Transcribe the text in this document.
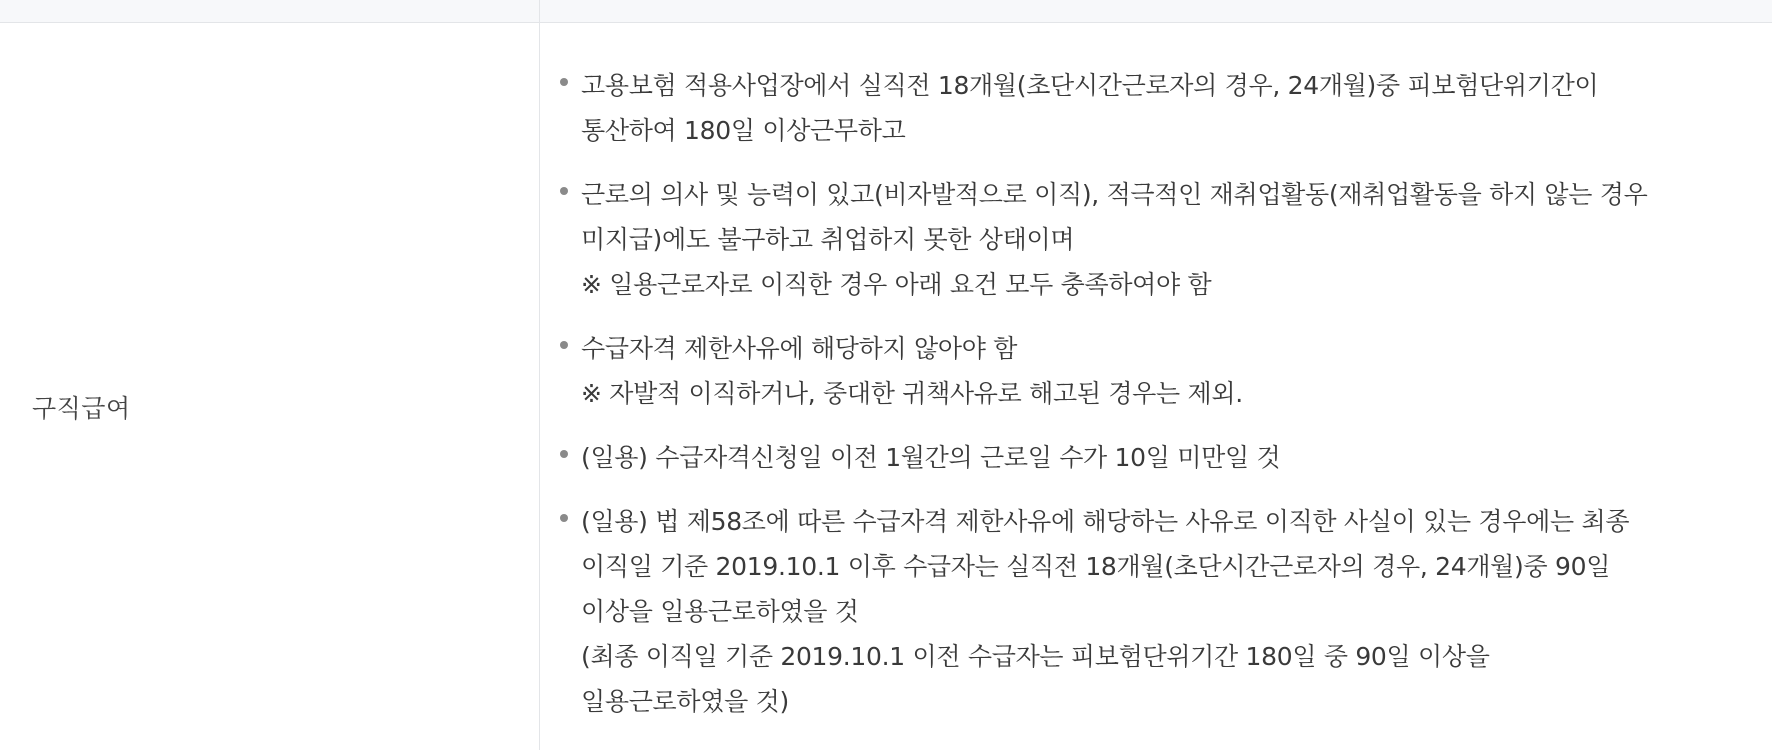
구직급여
고용보험 적용사업장에서 실직전 18개월(초단시간근로자의 경우, 24개월)중 피보험단위기간이
통산하여 180일 이상근무하고
근로의 의사 및 능력이 있고(비자발적으로 이직), 적극적인 재취업활동(재취업활동을 하지 않는 경우
미지급)에도 불구하고 취업하지 못한 상태이며
※ 일용근로자로 이직한 경우 아래 요건 모두 충족하여야 함
수급자격 제한사유에 해당하지 않아야 함
※ 자발적 이직하거나, 중대한 귀책사유로 해고된 경우는 제외.
(일용) 수급자격신청일 이전 1월간의 근로일 수가 10일 미만일 것
(일용) 법 제58조에 따른 수급자격 제한사유에 해당하는 사유로 이직한 사실이 있는 경우에는 최종
이직일 기준 2019.10.1 이후 수급자는 실직전 18개월(초단시간근로자의 경우, 24개월)중 90일
이상을 일용근로하였을 것
(최종 이직일 기준 2019.10.1 이전 수급자는 피보험단위기간 180일 중 90일 이상을
일용근로하였을 것)
